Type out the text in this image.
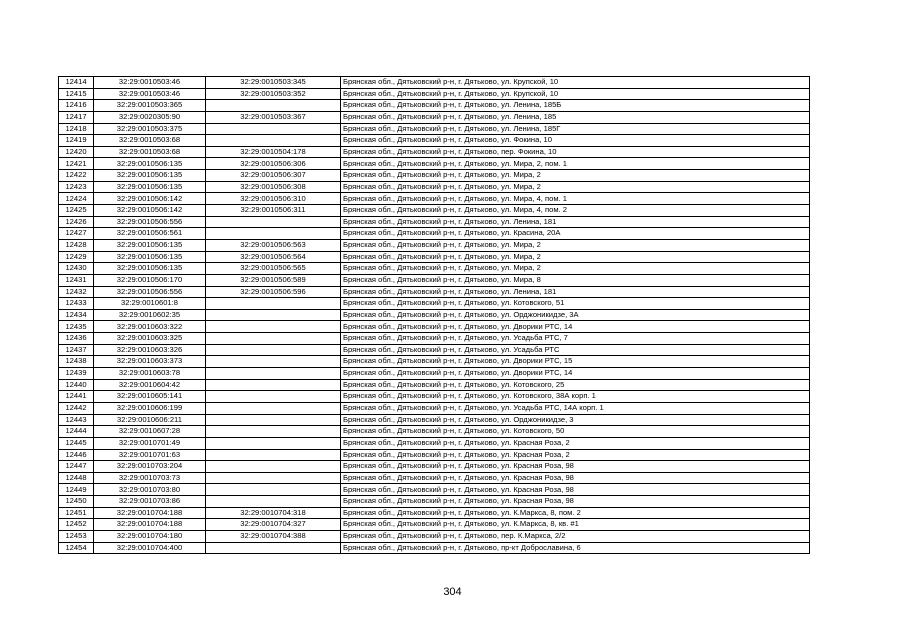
12414	32:29:0010503:46	32:29:0010503:345	Брянская обл., Дятьковский р-н, г. Дятьково, ул. Крупской, 10
12415	32:29:0010503:46	32:29:0010503:352	Брянская обл., Дятьковский р-н, г. Дятьково, ул. Крупской, 10
12416	32:29:0010503:365		Брянская обл., Дятьковский р-н, г. Дятьково, ул. Ленина, 185Б
12417	32:29:0020305:90	32:29:0010503:367	Брянская обл., Дятьковский р-н, г. Дятьково, ул. Ленина, 185
12418	32:29:0010503:375		Брянская обл., Дятьковский р-н, г. Дятьково, ул. Ленина, 185Г
12419	32:29:0010503:68		Брянская обл., Дятьковский р-н, г. Дятьково, ул. Фокина, 10
12420	32:29:0010503:68	32:29:0010504:178	Брянская обл., Дятьковский р-н, г. Дятьково, пер. Фокина, 10
12421	32:29:0010506:135	32:29:0010506:306	Брянская обл., Дятьковский р-н, г. Дятьково, ул. Мира, 2, пом. 1
12422	32:29:0010506:135	32:29:0010506:307	Брянская обл., Дятьковский р-н, г. Дятьково, ул. Мира, 2
12423	32:29:0010506:135	32:29:0010506:308	Брянская обл., Дятьковский р-н, г. Дятьково, ул. Мира, 2
12424	32:29:0010506:142	32:29:0010506:310	Брянская обл., Дятьковский р-н, г. Дятьково, ул. Мира, 4, пом. 1
12425	32:29:0010506:142	32:29:0010506:311	Брянская обл., Дятьковский р-н, г. Дятьково, ул. Мира, 4, пом. 2
12426	32:29:0010506:556		Брянская обл., Дятьковский р-н, г. Дятьково, ул. Ленина, 181
12427	32:29:0010506:561		Брянская обл., Дятьковский р-н, г. Дятьково, ул. Красина, 20А
12428	32:29:0010506:135	32:29:0010506:563	Брянская обл., Дятьковский р-н, г. Дятьково, ул. Мира, 2
12429	32:29:0010506:135	32:29:0010506:564	Брянская обл., Дятьковский р-н, г. Дятьково, ул. Мира, 2
12430	32:29:0010506:135	32:29:0010506:565	Брянская обл., Дятьковский р-н, г. Дятьково, ул. Мира, 2
12431	32:29:0010506:170	32:29:0010506:589	Брянская обл., Дятьковский р-н, г. Дятьково, ул. Мира, 8
12432	32:29:0010506:556	32:29:0010506:596	Брянская обл., Дятьковский р-н, г. Дятьково, ул. Ленина, 181
12433	32:29:0010601:8		Брянская обл., Дятьковский р-н, г. Дятьково, ул. Котовского, 51
12434	32:29:0010602:35		Брянская обл., Дятьковский р-н, г. Дятьково, ул. Орджоникидзе, 3А
12435	32:29:0010603:322		Брянская обл., Дятьковский р-н, г. Дятьково, ул. Дворики РТС, 14
12436	32:29:0010603:325		Брянская обл., Дятьковский р-н, г. Дятьково, ул. Усадьба РТС, 7
12437	32:29:0010603:326		Брянская обл., Дятьковский р-н, г. Дятьково, ул. Усадьба РТС
12438	32:29:0010603:373		Брянская обл., Дятьковский р-н, г. Дятьково, ул. Дворики РТС, 15
12439	32:29:0010603:78		Брянская обл., Дятьковский р-н, г. Дятьково, ул. Дворики РТС, 14
12440	32:29:0010604:42		Брянская обл., Дятьковский р-н, г. Дятьково, ул. Котовского, 25
12441	32:29:0010605:141		Брянская обл., Дятьковский р-н, г. Дятьково, ул. Котовского, 38А корп. 1
12442	32:29:0010606:199		Брянская обл., Дятьковский р-н, г. Дятьково, ул. Усадьба РТС, 14А корп. 1
12443	32:29:0010606:211		Брянская обл., Дятьковский р-н, г. Дятьково, ул. Орджоникидзе, 3
12444	32:29:0010607:28		Брянская обл., Дятьковский р-н, г. Дятьково, ул. Котовского, 50
12445	32:29:0010701:49		Брянская обл., Дятьковский р-н, г. Дятьково, ул. Красная Роза, 2
12446	32:29:0010701:63		Брянская обл., Дятьковский р-н, г. Дятьково, ул. Красная Роза, 2
12447	32:29:0010703:204		Брянская обл., Дятьковский р-н, г. Дятьково, ул. Красная Роза, 98
12448	32:29:0010703:73		Брянская обл., Дятьковский р-н, г. Дятьково, ул. Красная Роза, 98
12449	32:29:0010703:80		Брянская обл., Дятьковский р-н, г. Дятьково, ул. Красная Роза, 98
12450	32:29:0010703:86		Брянская обл., Дятьковский р-н, г. Дятьково, ул. Красная Роза, 98
12451	32:29:0010704:188	32:29:0010704:318	Брянская обл., Дятьковский р-н, г. Дятьково, ул. К.Маркса, 8, пом. 2
12452	32:29:0010704:188	32:29:0010704:327	Брянская обл., Дятьковский р-н, г. Дятьково, ул. К.Маркса, 8, кв. #1
12453	32:29:0010704:180	32:29:0010704:388	Брянская обл., Дятьковский р-н, г. Дятьково, пер. К.Маркса, 2/2
12454	32:29:0010704:400		Брянская обл., Дятьковский р-н, г. Дятьково, пр-кт Доброславина, 6
304
